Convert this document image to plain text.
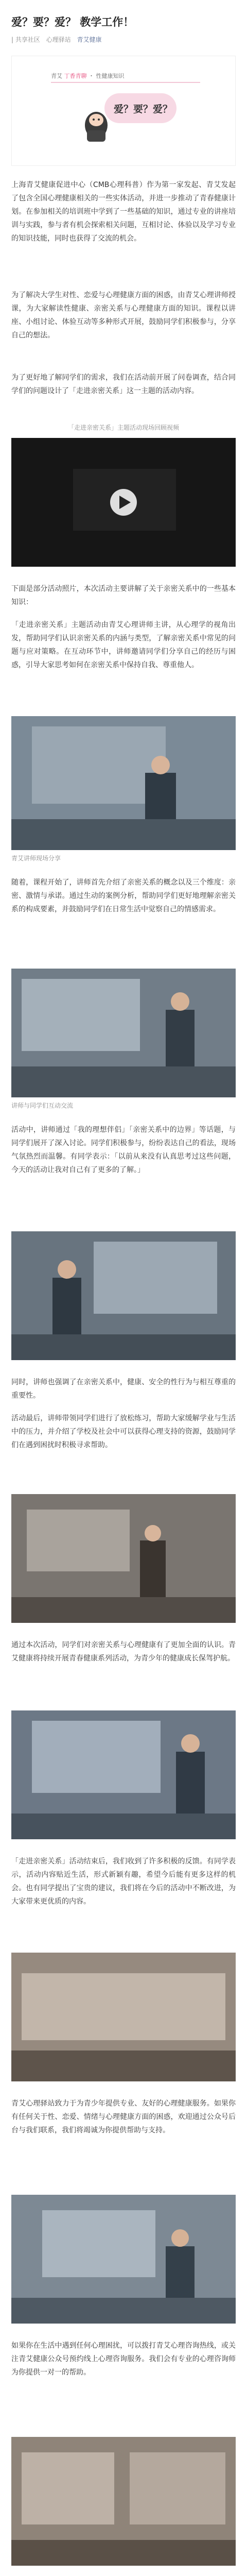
爱？要？爱？ 教学工作！
| 共享社区 心理驿站 青艾健康
青艾 丁香青聊 ・ 性健康知识
爱？要？爱？
上海青艾健康促进中心（CMB心理科普）作为第一家发起、青艾发起了包含全国心理健康相关的一些实体活动，并进一步推动了青春健康计划。在参加相关的培训班中学到了一些基础的知识，通过专业的讲座培训与实践，参与者有机会探索相关问题，互相讨论、体验以及学习专业的知识技能，同时也获得了交流的机会。
为了解决大学生对性、恋爱与心理健康方面的困惑，由青艾心理讲师授课，为大家解读性健康、亲密关系与心理健康方面的知识。课程以讲座、小组讨论、体验互动等多种形式开展，鼓励同学们积极参与，分享自己的想法。
为了更好地了解同学们的需求，我们在活动前开展了问卷调查，结合同学们的问题设计了「走进亲密关系」这一主题的活动内容。
「走进亲密关系」主题活动现场回顾视频
下面是部分活动照片，本次活动主要讲解了关于亲密关系中的一些基本知识：
「走进亲密关系」主题活动由青艾心理讲师主讲，从心理学的视角出发，帮助同学们认识亲密关系的内涵与类型，了解亲密关系中常见的问题与应对策略。在互动环节中，讲师邀请同学们分享自己的经历与困惑，引导大家思考如何在亲密关系中保持自我、尊重他人。
青艾讲师现场分享
随着，课程开始了，讲师首先介绍了亲密关系的概念以及三个维度：亲密、激情与承诺。通过生动的案例分析，帮助同学们更好地理解亲密关系的构成要素，并鼓励同学们在日常生活中觉察自己的情感需求。
讲师与同学们互动交流
活动中，讲师通过「我的理想伴侣」「亲密关系中的边界」等话题，与同学们展开了深入讨论。同学们积极参与，纷纷表达自己的看法，现场气氛热烈而温馨。有同学表示：「以前从来没有认真思考过这些问题，今天的活动让我对自己有了更多的了解。」
同时，讲师也强调了在亲密关系中，健康、安全的性行为与相互尊重的重要性。
活动最后，讲师带领同学们进行了放松练习，帮助大家缓解学业与生活中的压力，并介绍了学校及社会中可以获得心理支持的资源，鼓励同学们在遇到困扰时积极寻求帮助。
通过本次活动，同学们对亲密关系与心理健康有了更加全面的认识。青艾健康将持续开展青春健康系列活动，为青少年的健康成长保驾护航。
「走进亲密关系」活动结束后，我们收到了许多积极的反馈。有同学表示，活动内容贴近生活，形式新颖有趣，希望今后能有更多这样的机会。也有同学提出了宝贵的建议，我们将在今后的活动中不断改进，为大家带来更优质的内容。
青艾心理驿站致力于为青少年提供专业、友好的心理健康服务。如果你有任何关于性、恋爱、情绪与心理健康方面的困惑，欢迎通过公众号后台与我们联系，我们将竭诚为你提供帮助与支持。
如果你在生活中遇到任何心理困扰，可以拨打青艾心理咨询热线，或关注青艾健康公众号预约线上心理咨询服务。我们会有专业的心理咨询师为你提供一对一的帮助。
